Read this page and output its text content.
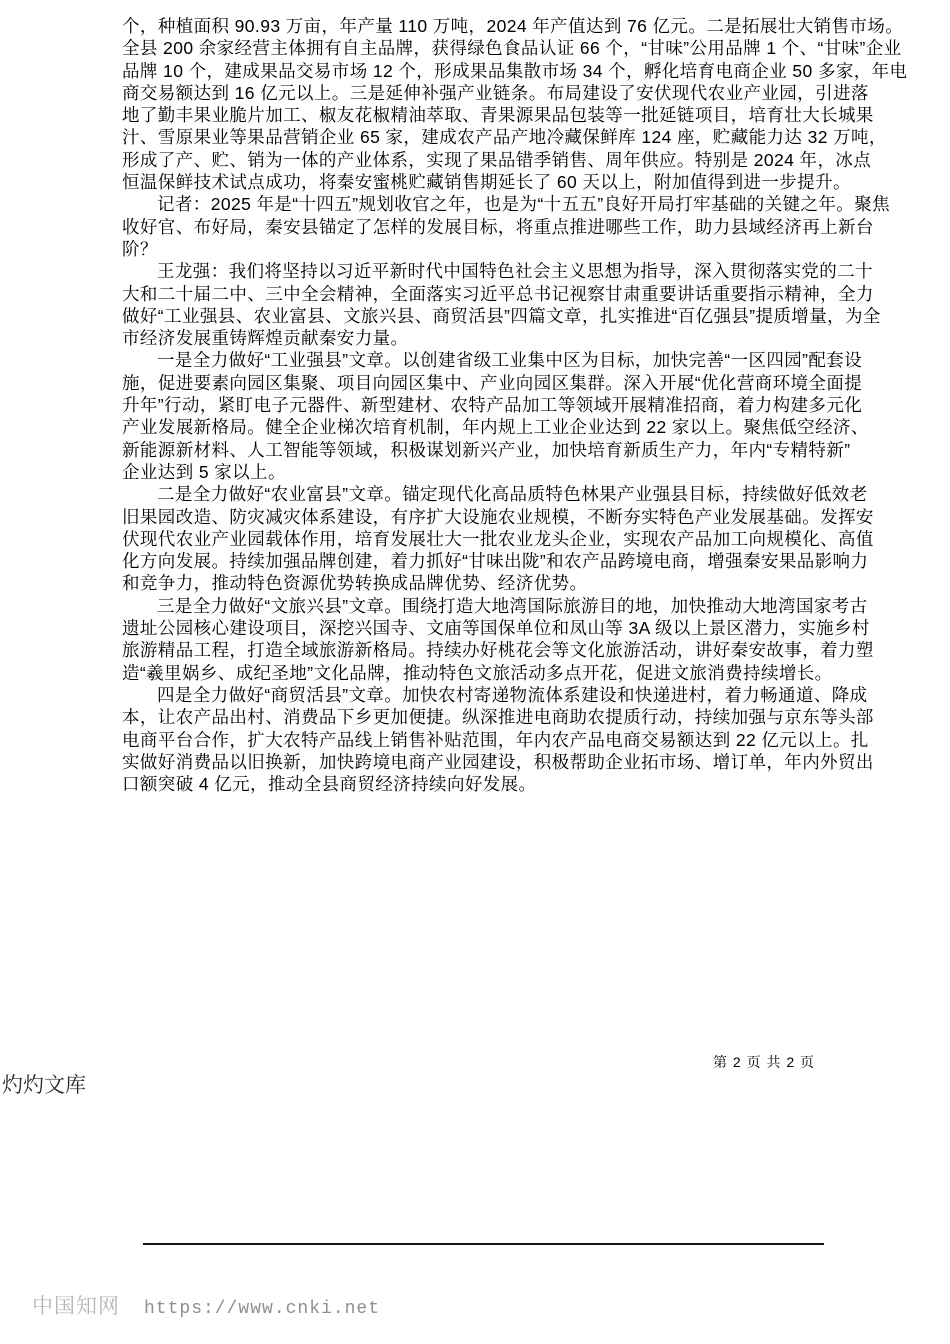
个，种植面积 90.93 万亩，年产量 110 万吨，2024 年产值达到 76 亿元。二是拓展壮大销售市场。
全县 200 余家经营主体拥有自主品牌，获得绿色食品认证 66 个，“甘味”公用品牌 1 个、“甘味”企业
品牌 10 个，建成果品交易市场 12 个，形成果品集散市场 34 个，孵化培育电商企业 50 多家，年电
商交易额达到 16 亿元以上。三是延伸补强产业链条。布局建设了安伏现代农业产业园，引进落
地了勤丰果业脆片加工、椒友花椒精油萃取、青果源果品包装等一批延链项目，培育壮大长城果
汁、雪原果业等果品营销企业 65 家，建成农产品产地冷藏保鲜库 124 座，贮藏能力达 32 万吨，
形成了产、贮、销为一体的产业体系，实现了果品错季销售、周年供应。特别是 2024 年，冰点
恒温保鲜技术试点成功，将秦安蜜桃贮藏销售期延长了 60 天以上，附加值得到进一步提升。
记者：2025 年是“十四五”规划收官之年，也是为“十五五”良好开局打牢基础的关键之年。聚焦
收好官、布好局，秦安县锚定了怎样的发展目标，将重点推进哪些工作，助力县域经济再上新台
阶？
王龙强：我们将坚持以习近平新时代中国特色社会主义思想为指导，深入贯彻落实党的二十
大和二十届二中、三中全会精神，全面落实习近平总书记视察甘肃重要讲话重要指示精神，全力
做好“工业强县、农业富县、文旅兴县、商贸活县”四篇文章，扎实推进“百亿强县”提质增量，为全
市经济发展重铸辉煌贡献秦安力量。
一是全力做好“工业强县”文章。以创建省级工业集中区为目标，加快完善“一区四园”配套设
施，促进要素向园区集聚、项目向园区集中、产业向园区集群。深入开展“优化营商环境全面提
升年”行动，紧盯电子元器件、新型建材、农特产品加工等领域开展精准招商，着力构建多元化
产业发展新格局。健全企业梯次培育机制，年内规上工业企业达到 22 家以上。聚焦低空经济、
新能源新材料、人工智能等领域，积极谋划新兴产业，加快培育新质生产力，年内“专精特新”
企业达到 5 家以上。
二是全力做好“农业富县”文章。锚定现代化高品质特色林果产业强县目标，持续做好低效老
旧果园改造、防灾减灾体系建设，有序扩大设施农业规模，不断夯实特色产业发展基础。发挥安
伏现代农业产业园载体作用，培育发展壮大一批农业龙头企业，实现农产品加工向规模化、高值
化方向发展。持续加强品牌创建，着力抓好“甘味出陇”和农产品跨境电商，增强秦安果品影响力
和竞争力，推动特色资源优势转换成品牌优势、经济优势。
三是全力做好“文旅兴县”文章。围绕打造大地湾国际旅游目的地，加快推动大地湾国家考古
遗址公园核心建设项目，深挖兴国寺、文庙等国保单位和凤山等 3A 级以上景区潜力，实施乡村
旅游精品工程，打造全域旅游新格局。持续办好桃花会等文化旅游活动，讲好秦安故事，着力塑
造“羲里娲乡、成纪圣地”文化品牌，推动特色文旅活动多点开花，促进文旅消费持续增长。
四是全力做好“商贸活县”文章。加快农村寄递物流体系建设和快递进村，着力畅通道、降成
本，让农产品出村、消费品下乡更加便捷。纵深推进电商助农提质行动，持续加强与京东等头部
电商平台合作，扩大农特产品线上销售补贴范围，年内农产品电商交易额达到 22 亿元以上。扎
实做好消费品以旧换新，加快跨境电商产业园建设，积极帮助企业拓市场、增订单，年内外贸出
口额突破 4 亿元，推动全县商贸经济持续向好发展。
第 2 页 共 2 页
灼灼文库
中国知网 https://www.cnki.net
